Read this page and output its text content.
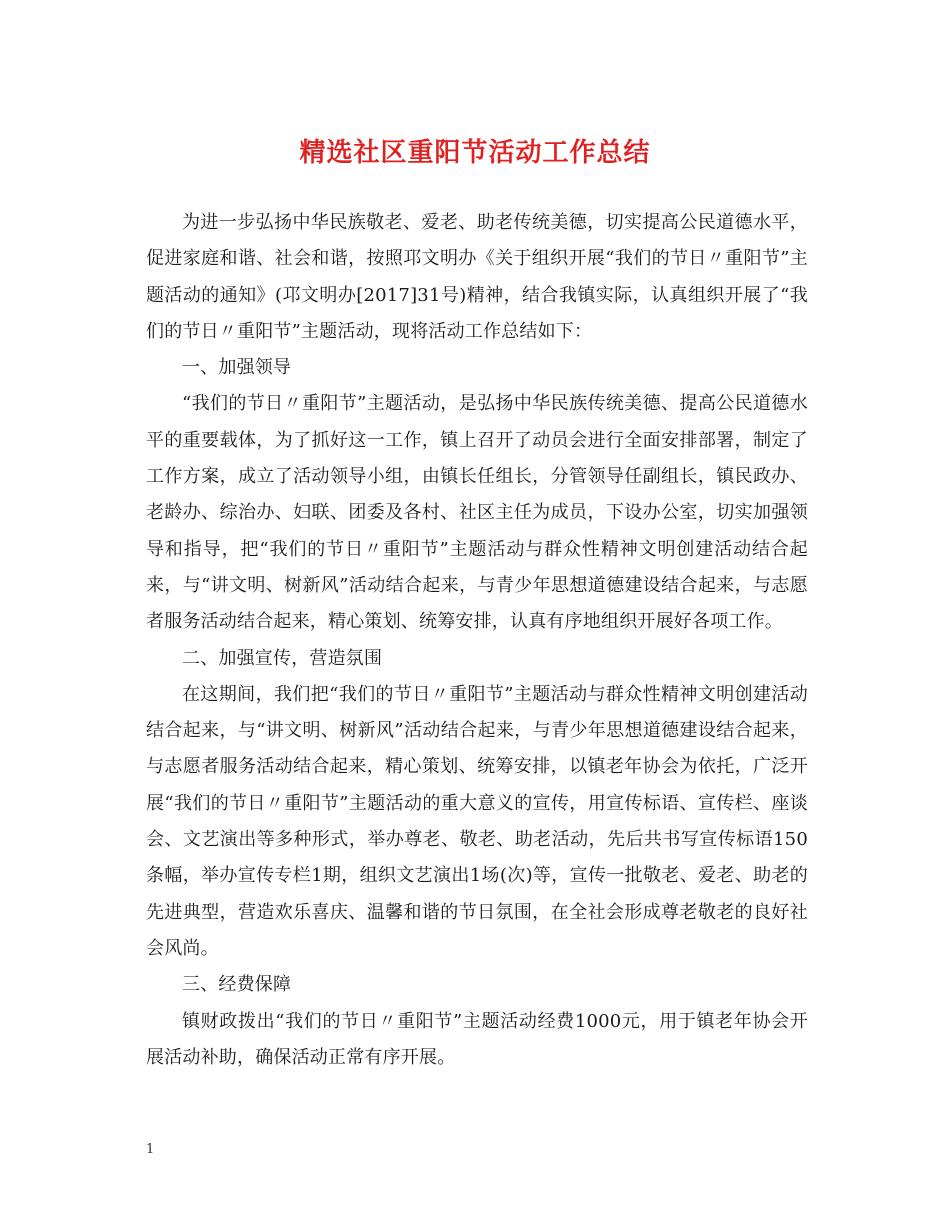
精选社区重阳节活动工作总结

为进一步弘扬中华民族敬老、爱老、助老传统美德，切实提高公民道德水平，促进家庭和谐、社会和谐，按照邛文明办《关于组织开展“我们的节日〃重阳节”主题活动的通知》(邛文明办[2017]31号)精神，结合我镇实际，认真组织开展了“我们的节日〃重阳节”主题活动，现将活动工作总结如下：

一、加强领导

“我们的节日〃重阳节”主题活动，是弘扬中华民族传统美德、提高公民道德水平的重要载体，为了抓好这一工作，镇上召开了动员会进行全面安排部署，制定了工作方案，成立了活动领导小组，由镇长任组长，分管领导任副组长，镇民政办、老龄办、综治办、妇联、团委及各村、社区主任为成员，下设办公室，切实加强领导和指导，把“我们的节日〃重阳节”主题活动与群众性精神文明创建活动结合起来，与“讲文明、树新风”活动结合起来，与青少年思想道德建设结合起来，与志愿者服务活动结合起来，精心策划、统筹安排，认真有序地组织开展好各项工作。

二、加强宣传，营造氛围

在这期间，我们把“我们的节日〃重阳节”主题活动与群众性精神文明创建活动结合起来，与“讲文明、树新风”活动结合起来，与青少年思想道德建设结合起来，与志愿者服务活动结合起来，精心策划、统筹安排，以镇老年协会为依托，广泛开展“我们的节日〃重阳节”主题活动的重大意义的宣传，用宣传标语、宣传栏、座谈会、文艺演出等多种形式，举办尊老、敬老、助老活动，先后共书写宣传标语150条幅，举办宣传专栏1期，组织文艺演出1场(次)等，宣传一批敬老、爱老、助老的先进典型，营造欢乐喜庆、温馨和谐的节日氛围，在全社会形成尊老敬老的良好社会风尚。

三、经费保障

镇财政拨出“我们的节日〃重阳节”主题活动经费1000元，用于镇老年协会开展活动补助，确保活动正常有序开展。

1
